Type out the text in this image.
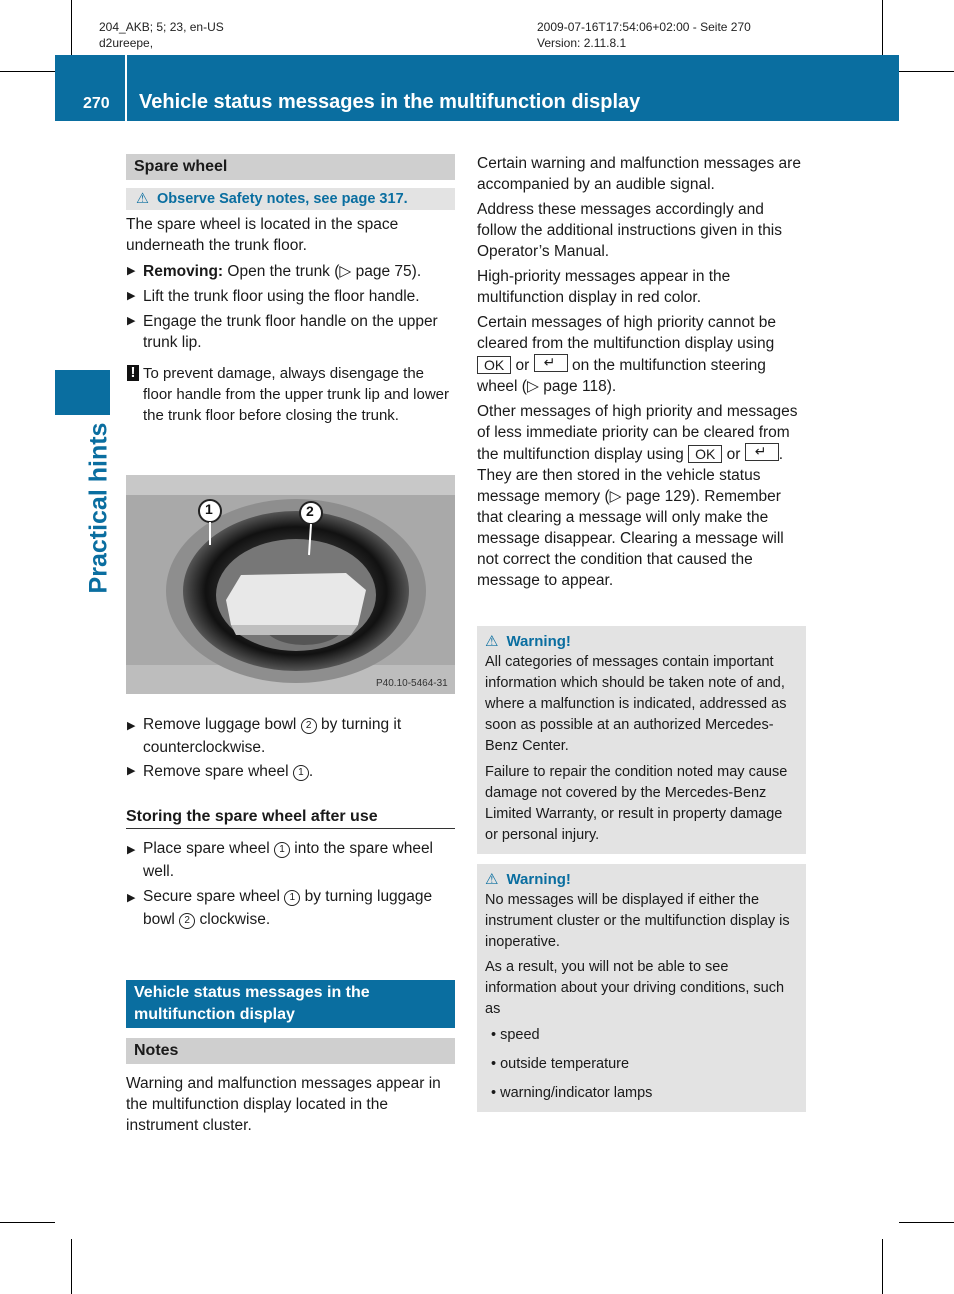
204_AKB; 5; 23, en-US
d2ureepe,
2009-07-16T17:54:06+02:00 - Seite 270
Version: 2.11.8.1
270 Vehicle status messages in the multifunction display
Practical hints
Spare wheel
⚠ Observe Safety notes, see page 317.

The spare wheel is located in the space underneath the trunk floor.

▶ Removing: Open the trunk (▷ page 75).
▶ Lift the trunk floor using the floor handle.
▶ Engage the trunk floor handle on the upper trunk lip.
! To prevent damage, always disengage the floor handle from the upper trunk lip and lower the trunk floor before closing the trunk.
1	2
P40.10-5464-31
▶ Remove luggage bowl 2 by turning it counterclockwise.
▶ Remove spare wheel 1 .
Storing the spare wheel after use
▶ Place spare wheel 1 into the spare wheel well.
▶ Secure spare wheel 1 by turning luggage bowl 2 clockwise.
Vehicle status messages in the multifunction display
Notes

Warning and malfunction messages appear in the multifunction display located in the instrument cluster.

Certain warning and malfunction messages are accompanied by an audible signal.

Address these messages accordingly and follow the additional instructions given in this Operator’s Manual.

High-priority messages appear in the multifunction display in red color.

Certain messages of high priority cannot be cleared from the multifunction display using OK or ↵ on the multifunction steering wheel (▷ page 118).

Other messages of high priority and messages of less immediate priority can be cleared from the multifunction display using OK or ↵. They are then stored in the vehicle status message memory (▷ page 129). Remember that clearing a message will only make the message disappear. Clearing a message will not correct the condition that caused the message to appear.

⚠ Warning!

All categories of messages contain important information which should be taken note of and, where a malfunction is indicated, addressed as soon as possible at an authorized Mercedes-Benz Center.

Failure to repair the condition noted may cause damage not covered by the Mercedes-Benz Limited Warranty, or result in property damage or personal injury.

⚠ Warning!

No messages will be displayed if either the instrument cluster or the multifunction display is inoperative.

As a result, you will not be able to see information about your driving conditions, such as

• speed

• outside temperature

• warning/indicator lamps
